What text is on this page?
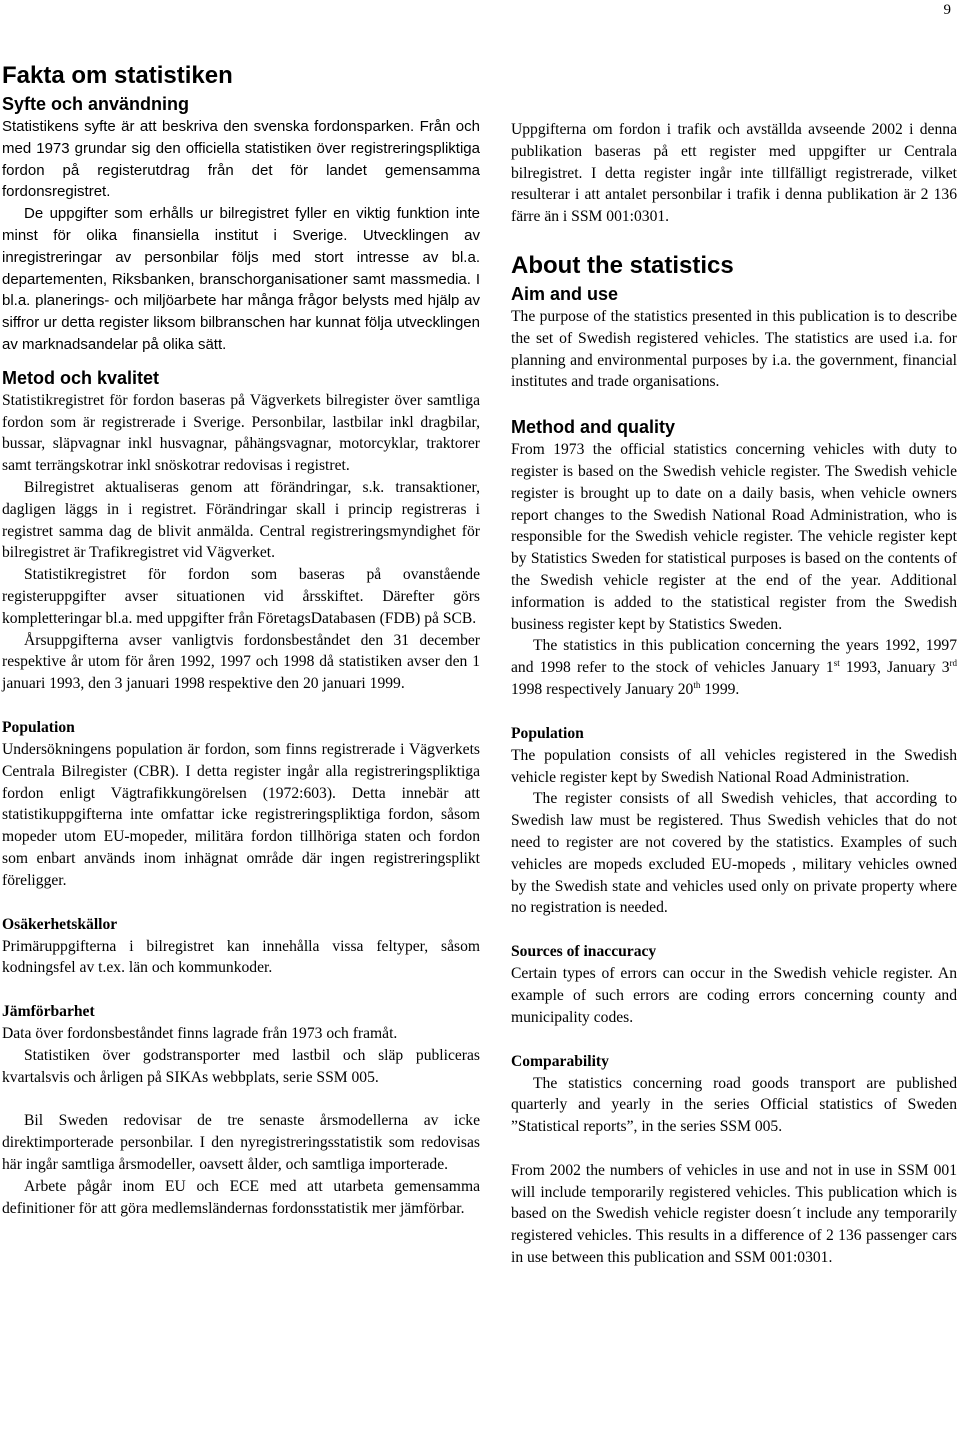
9
Fakta om statistiken
Syfte och användning

Statistikens syfte är att beskriva den svenska fordonsparken. Från och med 1973 grundar sig den officiella statistiken över registreringspliktiga fordon på registerutdrag från det för landet gemensamma fordonsregistret.

De uppgifter som erhålls ur bilregistret fyller en viktig funktion inte minst för olika finansiella institut i Sverige. Utvecklingen av inregistreringar av personbilar följs med stort intresse av bl.a. departementen, Riksbanken, branschorganisationer samt massmedia. I bl.a. planerings- och miljöarbete har många frågor belysts med hjälp av siffror ur detta register liksom bilbranschen har kunnat följa utvecklingen av marknadsandelar på olika sätt.

Metod och kvalitet

Statistikregistret för fordon baseras på Vägverkets bilregister över samtliga fordon som är registrerade i Sverige. Personbilar, lastbilar inkl dragbilar, bussar, släpvagnar inkl husvagnar, påhängsvagnar, motorcyklar, traktorer samt terrängskotrar inkl snöskotrar redovisas i registret.

Bilregistret aktualiseras genom att förändringar, s.k. transaktioner, dagligen läggs in i registret. Förändringar skall i princip registreras i registret samma dag de blivit anmälda. Central registreringsmyndighet för bilregistret är Trafikregistret vid Vägverket.

Statistikregistret för fordon som baseras på ovanstående registeruppgifter avser situationen vid årsskiftet. Därefter görs kompletteringar bl.a. med uppgifter från FöretagsDatabasen (FDB) på SCB.

Årsuppgifterna avser vanligtvis fordonsbeståndet den 31 december respektive år utom för åren 1992, 1997 och 1998 då statistiken avser den 1 januari 1993, den 3 januari 1998 respektive den 20 januari 1999.

Population

Undersökningens population är fordon, som finns registrerade i Vägverkets Centrala Bilregister (CBR). I detta register ingår alla registreringspliktiga fordon enligt Vägtrafikkungörelsen (1972:603). Detta innebär att statistikuppgifterna inte omfattar icke registreringspliktiga fordon, såsom mopeder utom EU-mopeder, militära fordon tillhöriga staten och fordon som enbart används inom inhägnat område där ingen registreringsplikt föreligger.

Osäkerhetskällor

Primäruppgifterna i bilregistret kan innehålla vissa feltyper, såsom kodningsfel av t.ex. län och kommunkoder.

Jämförbarhet

Data över fordonsbeståndet finns lagrade från 1973 och framåt.

Statistiken över godstransporter med lastbil och släp publiceras kvartalsvis och årligen på SIKAs webbplats, serie SSM 005.

Bil Sweden redovisar de tre senaste årsmodellerna av icke direktimporterade personbilar. I den nyregistreringsstatistik som redovisas här ingår samtliga årsmodeller, oavsett ålder, och samtliga importerade.

Arbete pågår inom EU och ECE med att utarbeta gemensamma definitioner för att göra medlemsländernas fordonsstatistik mer jämförbar.

Uppgifterna om fordon i trafik och avställda avseende 2002 i denna publikation baseras på ett register med uppgifter ur Centrala bilregistret. I detta register ingår inte tillfälligt registrerade, vilket resulterar i att antalet personbilar i trafik i denna publikation är 2 136 färre än i SSM 001:0301.

About the statistics
Aim and use

The purpose of the statistics presented in this publication is to describe the set of Swedish registered vehicles. The statistics are used i.a. for planning and environmental purposes by i.a. the government, financial institutes and trade organisations.

Method and quality

From 1973 the official statistics concerning vehicles with duty to register is based on the Swedish vehicle register. The Swedish vehicle register is brought up to date on a daily basis, when vehicle owners report changes to the Swedish National Road Administration, who is responsible for the Swedish vehicle register. The vehicle register kept by Statistics Sweden for statistical purposes is based on the contents of the Swedish vehicle register at the end of the year. Additional information is added to the statistical register from the Swedish business register kept by Statistics Sweden.

The statistics in this publication concerning the years 1992, 1997 and 1998 refer to the stock of vehicles January 1st 1993, January 3rd 1998 respectively January 20th 1999.

Population

The population consists of all vehicles registered in the Swedish vehicle register kept by Swedish National Road Administration.

The register consists of all Swedish vehicles, that according to Swedish law must be registered. Thus Swedish vehicles that do not need to register are not covered by the statistics. Examples of such vehicles are mopeds excluded EU-mopeds , military vehicles owned by the Swedish state and vehicles used only on private property where no registration is needed.

Sources of inaccuracy

Certain types of errors can occur in the Swedish vehicle register. An example of such errors are coding errors concerning county and municipality codes.

Comparability

The statistics concerning road goods transport are published quarterly and yearly in the series Official statistics of Sweden ”Statistical reports”, in the series SSM 005.

From 2002 the numbers of vehicles in use and not in use in SSM 001 will include temporarily registered vehicles. This publication which is based on the Swedish vehicle register doesn´t include any temporarily registered vehicles. This results in a difference of 2 136 passenger cars in use between this publication and SSM 001:0301.
